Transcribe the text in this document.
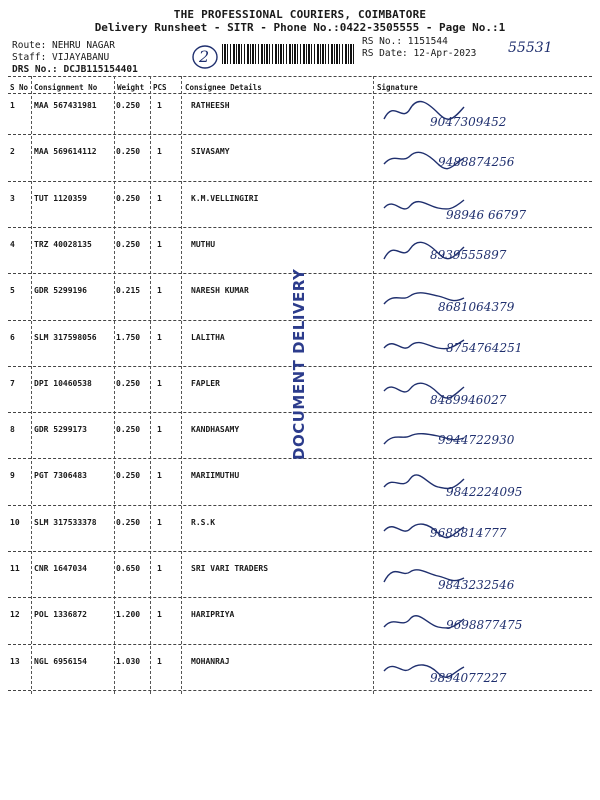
THE PROFESSIONAL COURIERS, COIMBATORE
Delivery Runsheet - SITR - Phone No.:0422-3505555 - Page No.:1
Route: NEHRU NAGAR
Staff: VIJAYABANU
DRS No.: DCJB115154401
2
RS No.: 1151544
RS Date: 12-Apr-2023 55531
S No Consignment No	Weight PCS Consignee Details	Signature
1 MAA 567431981 0.250 1	RATHEESH
9047309452
2 MAA 569614112 0.250 1	SIVASAMY
9488874256
3 TUT 1120359	0.250 1	K.M.VELLINGIRI
98946 66797
4 TRZ 40028135	0.250 1	MUTHU
8939555897
5 GDR 5299196	0.215 1	NARESH KUMAR
8681064379
6 SLM 317598056 1.750 1	LALITHA
8754764251
7 DPI 10460538	0.250 1	FAPLER
8489946027
8 GDR 5299173	0.250 1	KANDHASAMY
9944722930
9 PGT 7306483	0.250 1	MARIIMUTHU
9842224095
10 SLM 317533378 0.250 1	R.S.K
9688814777
11 CNR 1647034	0.650 1	SRI VARI TRADERS
9843232546
12 POL 1336872	1.200 1	HARIPRIYA
9698877475
13 NGL 6956154	1.030 1	MOHANRAJ
9894077227
DOCUMENT DELIVERY
